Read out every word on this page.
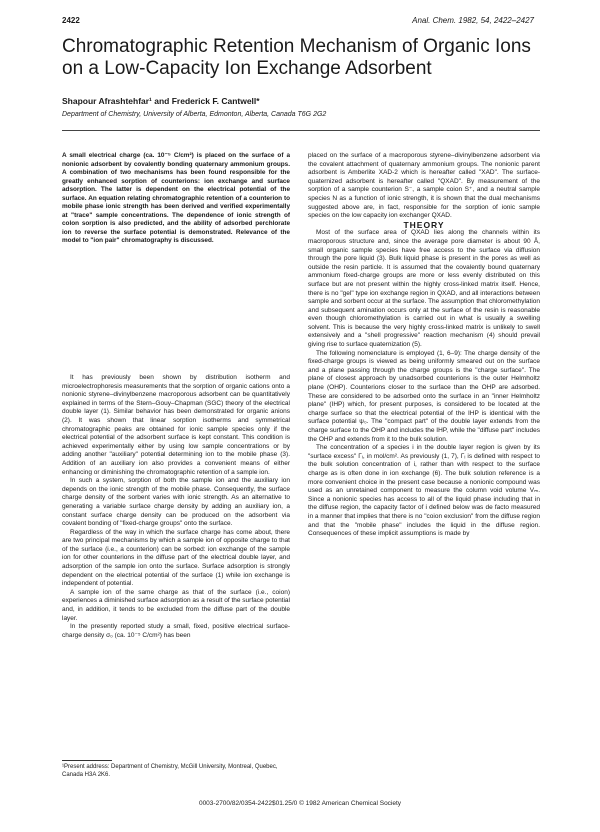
2422	Anal. Chem. 1982, 54, 2422–2427
Chromatographic Retention Mechanism of Organic Ions on a Low-Capacity Ion Exchange Adsorbent
Shapour Afrashtehfar¹ and Frederick F. Cantwell*
Department of Chemistry, University of Alberta, Edmonton, Alberta, Canada T6G 2G2

A small electrical charge (ca. 10⁻⁵ C/cm²) is placed on the surface of a nonionic adsorbent by covalently bonding quaternary ammonium groups. A combination of two mechanisms has been found responsible for the greatly enhanced sorption of counterions: ion exchange and surface adsorption. The latter is dependent on the electrical potential of the surface. An equation relating chromatographic retention of a counterion to mobile phase ionic strength has been derived and verified experimentally at "trace" sample concentrations. The dependence of ionic strength of colon sorption is also predicted, and the ability of adsorbed perchlorate ion to reverse the surface potential is demonstrated. Relevance of the model to "ion pair" chromatography is discussed.

It has previously been shown by distribution isotherm and microelectrophoresis measurements that the sorption of organic cations onto a nonionic styrene–divinylbenzene macroporous adsorbent can be quantitatively explained in terms of the Stern–Gouy–Chapman (SGC) theory of the electrical double layer (1). Similar behavior has been demonstrated for organic anions (2). It was shown that linear sorption isotherms and symmetrical chromatographic peaks are obtained for ionic sample species only if the electrical potential of the adsorbent surface is kept constant. This condition is achieved experimentally either by using low sample concentrations or by adding another "auxiliary" potential determining ion to the mobile phase (3). Addition of an auxiliary ion also provides a convenient means of either enhancing or diminishing the chromatographic retention of a sample ion.

In such a system, sorption of both the sample ion and the auxiliary ion depends on the ionic strength of the mobile phase. Consequently, the surface charge density of the sorbent varies with ionic strength. As an alternative to generating a variable surface charge density by adding an auxiliary ion, a constant surface charge density can be produced on the adsorbent via covalent bonding of "fixed-charge groups" onto the surface.

Regardless of the way in which the surface charge has come about, there are two principal mechanisms by which a sample ion of opposite charge to that of the surface (i.e., a counterion) can be sorbed: ion exchange of the sample ion for other counterions in the diffuse part of the electrical double layer, and adsorption of the sample ion onto the surface. Surface adsorption is strongly dependent on the electrical potential of the surface (1) while ion exchange is independent of potential.

A sample ion of the same charge as that of the surface (i.e., coion) experiences a diminished surface adsorption as a result of the surface potential and, in addition, it tends to be excluded from the diffuse part of the double layer.

In the presently reported study a small, fixed, positive electrical surface-charge density σ₀ (ca. 10⁻⁵ C/cm²) has been

¹Present address: Department of Chemistry, McGill University, Montreal, Quebec, Canada H3A 2K6.

placed on the surface of a macroporous styrene–divinylbenzene adsorbent via the covalent attachment of quaternary ammonium groups. The nonionic parent adsorbent is Amberlite XAD-2 which is hereafter called "XAD". The surface-quaternized adsorbent is hereafter called "QXAD". By measurement of the sorption of a sample counterion S⁻, a sample coion S⁺, and a neutral sample species N as a function of ionic strength, it is shown that the dual mechanisms suggested above are, in fact, responsible for the sorption of ionic sample species on the low capacity ion exchanger QXAD.

THEORY

Most of the surface area of QXAD lies along the channels within its macroporous structure and, since the average pore diameter is about 90 Å, small organic sample species have free access to the surface via diffusion through the pore liquid (3). Bulk liquid phase is present in the pores as well as outside the resin particle. It is assumed that the covalently bound quaternary ammonium fixed-charge groups are more or less evenly distributed on this surface but are not present within the highly cross-linked matrix itself. Hence, there is no "gel" type ion exchange region in QXAD, and all interactions between sample and sorbent occur at the surface. The assumption that chloromethylation and subsequent amination occurs only at the surface of the resin is reasonable even though chloromethylation is carried out in what is usually a swelling solvent. This is because the very highly cross-linked matrix is unlikely to swell extensively and a "shell progressive" reaction mechanism (4) should prevail giving rise to surface quaternization (5).

The following nomenclature is employed (1, 6–9): The charge density of the fixed-charge groups is viewed as being uniformly smeared out on the surface and a plane passing through the charge groups is the "charge surface". The plane of closest approach by unadsorbed counterions is the outer Helmholtz plane (OHP). Counterions closer to the surface than the OHP are adsorbed. These are considered to be adsorbed onto the surface in an "inner Helmholtz plane" (IHP) which, for present purposes, is considered to be located at the charge surface so that the electrical potential of the IHP is identical with the surface potential ψ₀. The "compact part" of the double layer extends from the charge surface to the OHP and includes the IHP, while the "diffuse part" includes the OHP and extends from it to the bulk solution.

The concentration of a species i in the double layer region is given by its "surface excess" Γᵢ, in mol/cm². As previously (1, 7), Γᵢ is defined with respect to the bulk solution concentration of i, rather than with respect to the surface charge as is often done in ion exchange (6). The bulk solution reference is a more convenient choice in the present case because a nonionic compound was used as an unretained component to measure the column void volume Vₘ. Since a nonionic species has access to all of the liquid phase including that in the diffuse region, the capacity factor of i defined below was de facto measured in a manner that implies that there is no "coion exclusion" from the diffuse region and that the "mobile phase" includes the liquid in the diffuse region. Consequences of these implicit assumptions is made by

0003-2700/82/0354-2422$01.25/0 © 1982 American Chemical Society
